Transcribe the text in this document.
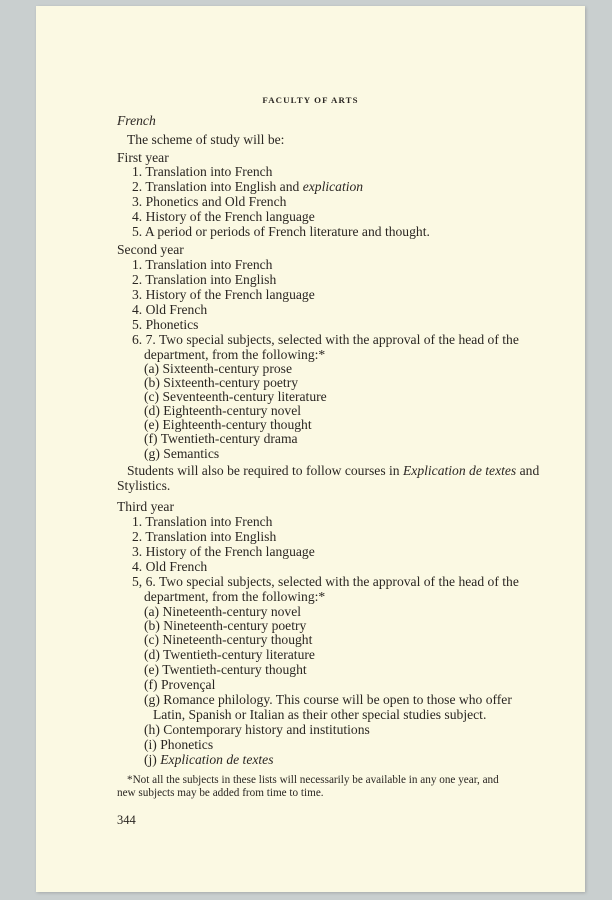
FACULTY OF ARTS
French
The scheme of study will be:
First year
1. Translation into French
2. Translation into English and explication
3. Phonetics and Old French
4. History of the French language
5. A period or periods of French literature and thought.
Second year
1. Translation into French
2. Translation into English
3. History of the French language
4. Old French
5. Phonetics
6. 7. Two special subjects, selected with the approval of the head of the
department, from the following:*
(a) Sixteenth-century prose
(b) Sixteenth-century poetry
(c) Seventeenth-century literature
(d) Eighteenth-century novel
(e) Eighteenth-century thought
(f) Twentieth-century drama
(g) Semantics
Students will also be required to follow courses in Explication de textes and
Stylistics.
Third year
1. Translation into French
2. Translation into English
3. History of the French language
4. Old French
5, 6. Two special subjects, selected with the approval of the head of the
department, from the following:*
(a) Nineteenth-century novel
(b) Nineteenth-century poetry
(c) Nineteenth-century thought
(d) Twentieth-century literature
(e) Twentieth-century thought
(f) Provençal
(g) Romance philology. This course will be open to those who offer
Latin, Spanish or Italian as their other special studies subject.
(h) Contemporary history and institutions
(i) Phonetics
(j) Explication de textes
*Not all the subjects in these lists will necessarily be available in any one year, and
new subjects may be added from time to time.
344
